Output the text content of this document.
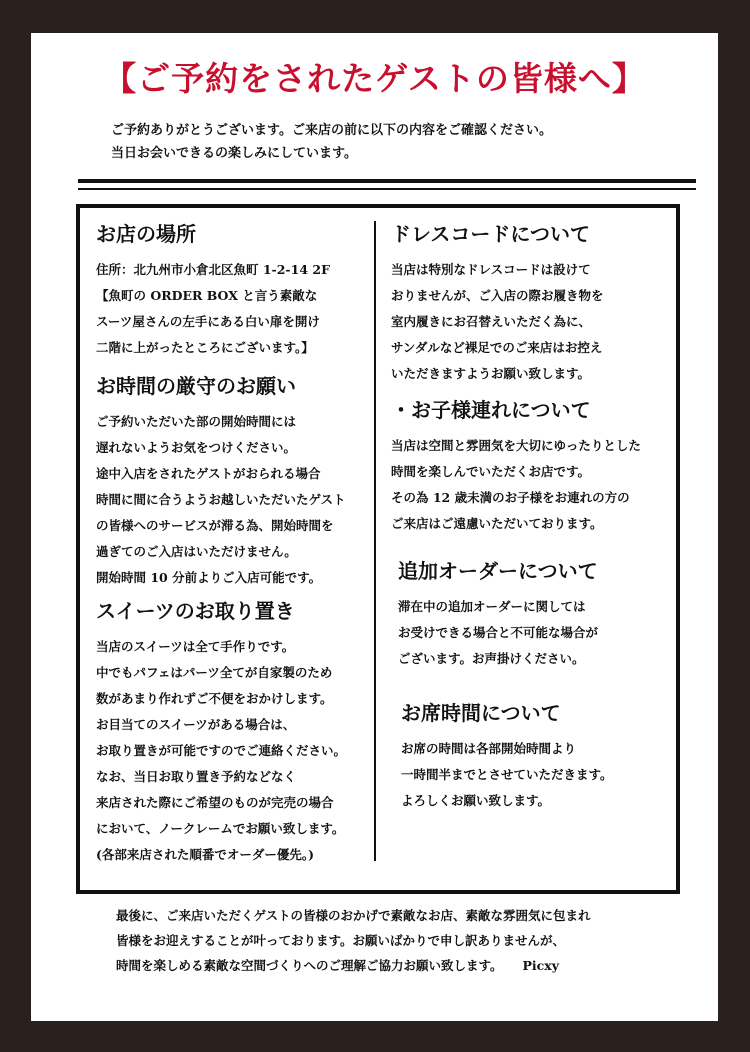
【ご予約をされたゲストの皆様へ】

ご予約ありがとうございます。ご来店の前に以下の内容をご確認ください。

当日お会いできるの楽しみにしています。

お店の場所

住所：北九州市小倉北区魚町 1-2-14 2F

【魚町の ORDER BOX と言う素敵な

スーツ屋さんの左手にある白い扉を開け

二階に上がったところにございます。】

お時間の厳守のお願い

ご予約いただいた部の開始時間には

遅れないようお気をつけください。

途中入店をされたゲストがおられる場合

時間に間に合うようお越しいただいたゲスト

の皆様へのサービスが滞る為、開始時間を

過ぎてのご入店はいただけません。

開始時間 10 分前よりご入店可能です。

スイーツのお取り置き

当店のスイーツは全て手作りです。

中でもパフェはパーツ全てが自家製のため

数があまり作れずご不便をおかけします。

お目当てのスイーツがある場合は、

お取り置きが可能ですのでご連絡ください。

なお、当日お取り置き予約などなく

来店された際にご希望のものが完売の場合

において、ノークレームでお願い致します。

(各部来店された順番でオーダー優先。)

ドレスコードについて

当店は特別なドレスコードは設けて

おりませんが、ご入店の際お履き物を

室内履きにお召替えいただく為に、

サンダルなど裸足でのご来店はお控え

いただきますようお願い致します。

・お子様連れについて

当店は空間と雰囲気を大切にゆったりとした

時間を楽しんでいただくお店です。

その為 12 歳未満のお子様をお連れの方の

ご来店はご遠慮いただいております。

追加オーダーについて

滞在中の追加オーダーに関しては

お受けできる場合と不可能な場合が

ございます。お声掛けください。

お席時間について

お席の時間は各部開始時間より

一時間半までとさせていただきます。

よろしくお願い致します。

最後に、ご来店いただくゲストの皆様のおかげで素敵なお店、素敵な雰囲気に包まれ

皆様をお迎えすることが叶っております。お願いばかりで申し訳ありませんが、

時間を楽しめる素敵な空間づくりへのご理解ご協力お願い致します。 Picxy
